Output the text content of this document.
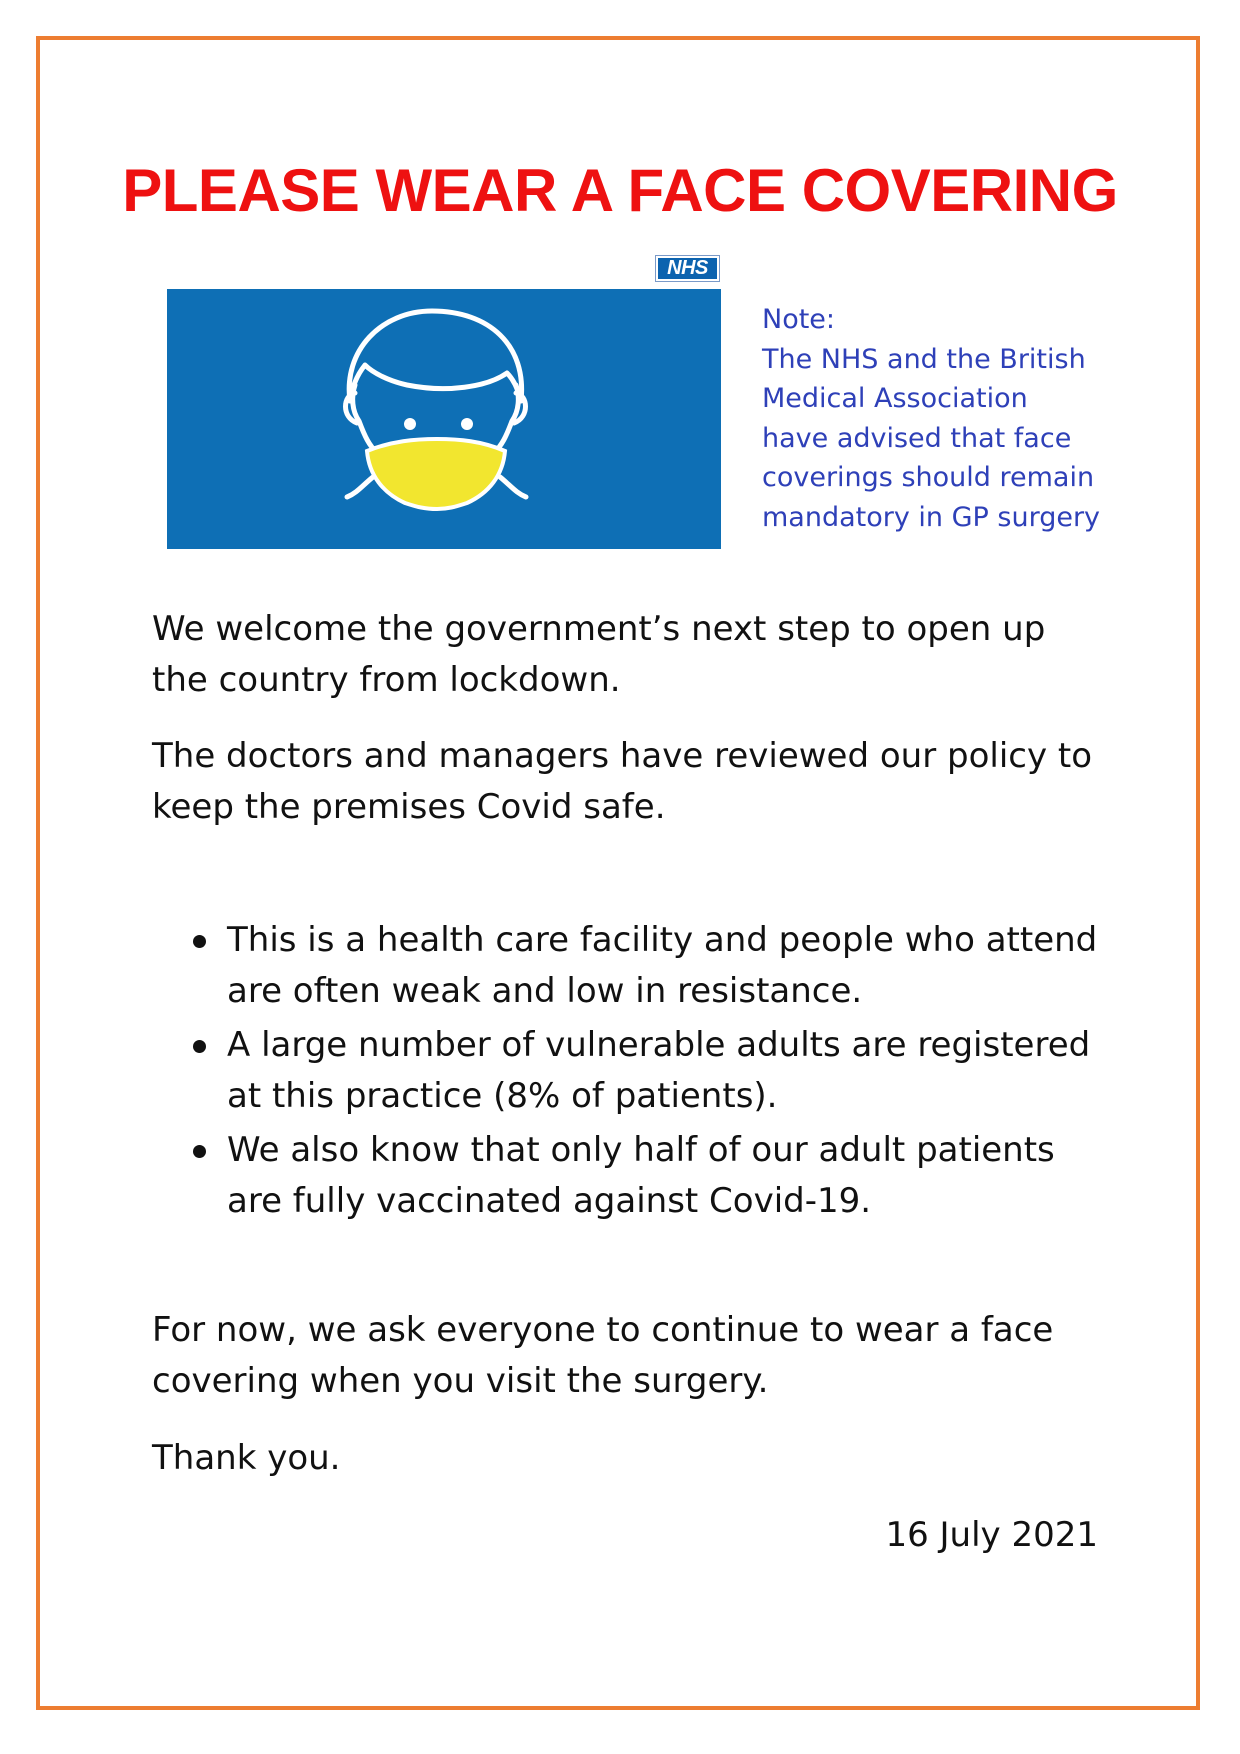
PLEASE WEAR A FACE COVERING
NHS
Note:
The NHS and the British
Medical Association
have advised that face
coverings should remain
mandatory in GP surgery
We welcome the government’s next step to open up
the country from lockdown.
The doctors and managers have reviewed our policy to
keep the premises Covid safe.
This is a health care facility and people who attend
are often weak and low in resistance.
A large number of vulnerable adults are registered
at this practice (8% of patients).
We also know that only half of our adult patients
are fully vaccinated against Covid-19.
For now, we ask everyone to continue to wear a face
covering when you visit the surgery.
Thank you.
16 July 2021
